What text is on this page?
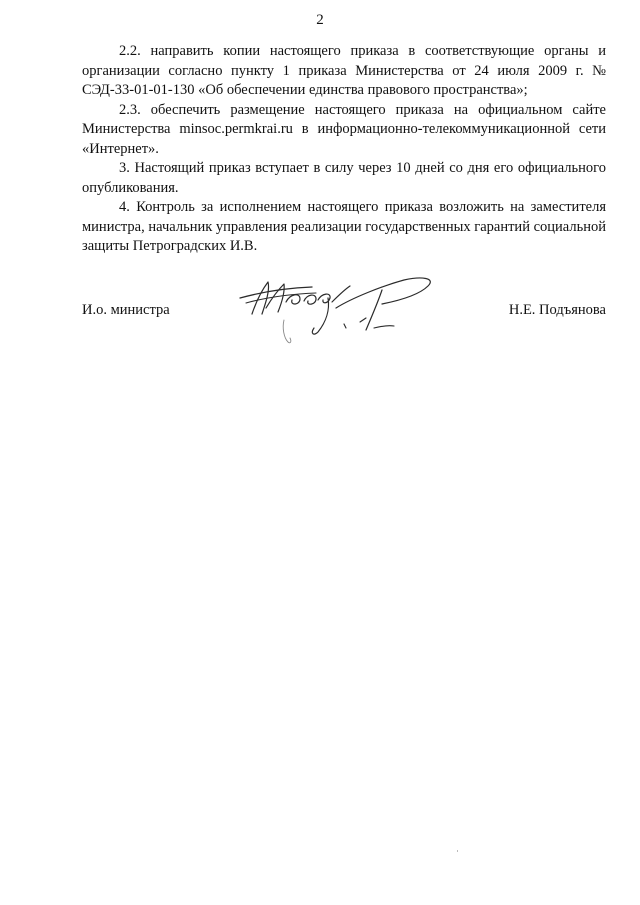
2

2.2. направить копии настоящего приказа в соответствующие органы и организации согласно пункту 1 приказа Министерства от 24 июля 2009 г. № СЭД-33-01-01-130 «Об обеспечении единства правового пространства»;

2.3. обеспечить размещение настоящего приказа на официальном сайте Министерства minsoc.permkrai.ru в информационно-телекоммуникационной сети «Интернет».

3. Настоящий приказ вступает в силу через 10 дней со дня его официального опубликования.

4. Контроль за исполнением настоящего приказа возложить на заместителя министра, начальник управления реализации государственных гарантий социальной защиты Петроградских И.В.

И.о. министра	Н.Е. Подъянова
